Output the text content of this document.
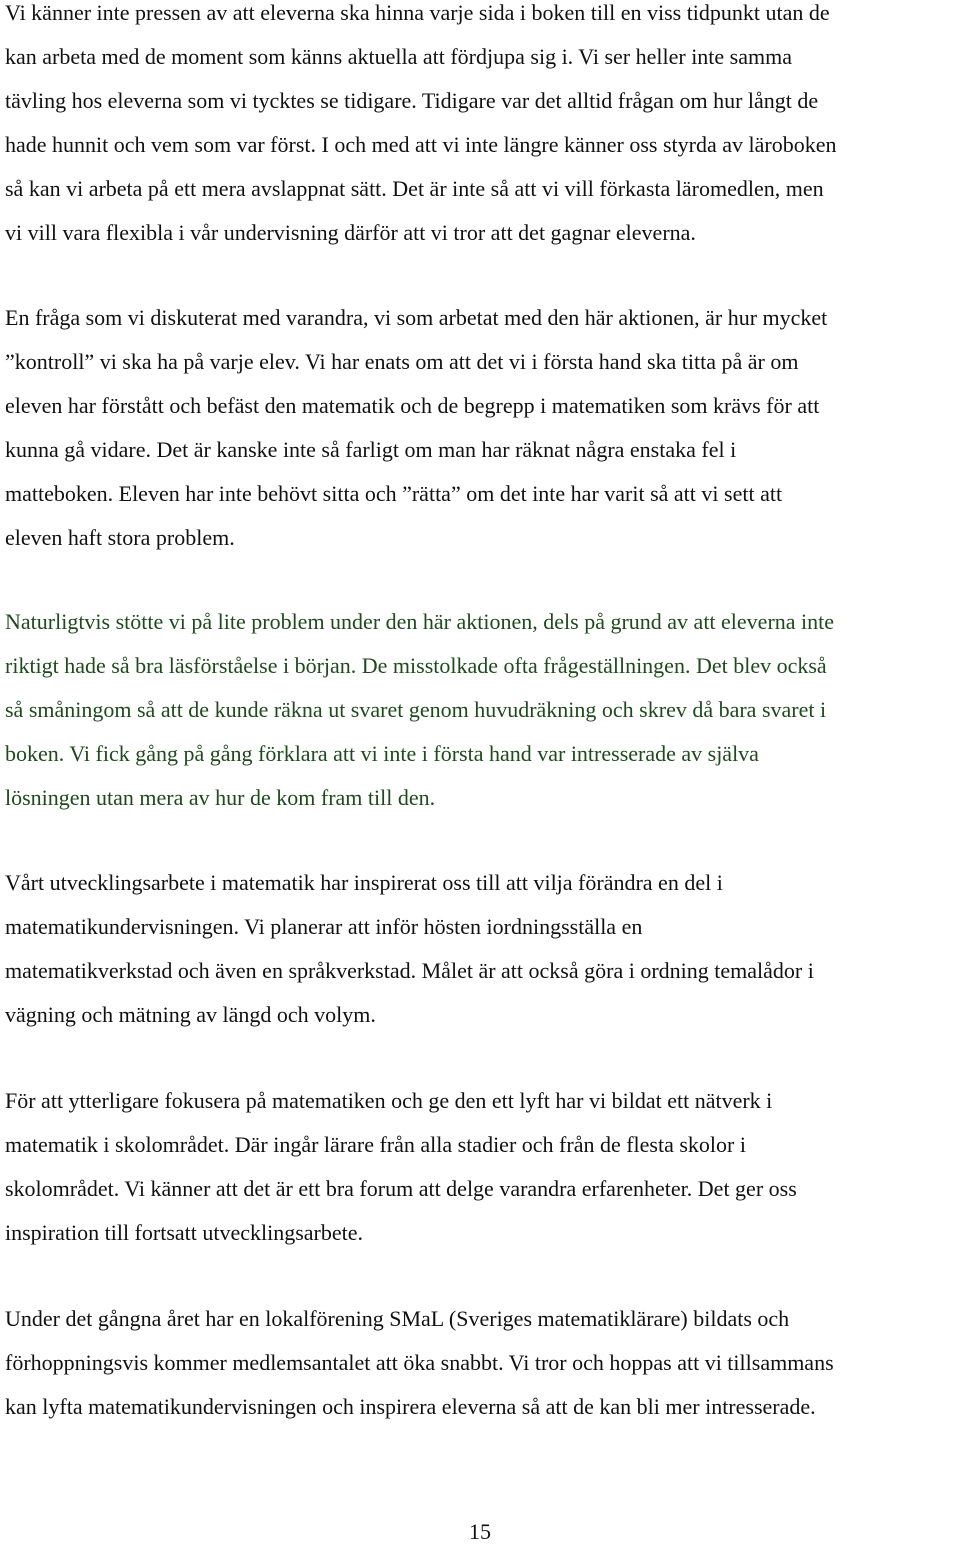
Vi känner inte pressen av att eleverna ska hinna varje sida i boken till en viss tidpunkt utan de
kan arbeta med de moment som känns aktuella att fördjupa sig i. Vi ser heller inte samma
tävling hos eleverna som vi tycktes se tidigare. Tidigare var det alltid frågan om hur långt de
hade hunnit och vem som var först. I och med att vi inte längre känner oss styrda av läroboken
så kan vi arbeta på ett mera avslappnat sätt. Det är inte så att vi vill förkasta läromedlen, men
vi vill vara flexibla i vår undervisning därför att vi tror att det gagnar eleverna.

En fråga som vi diskuterat med varandra, vi som arbetat med den här aktionen, är hur mycket
”kontroll” vi ska ha på varje elev. Vi har enats om att det vi i första hand ska titta på är om
eleven har förstått och befäst den matematik och de begrepp i matematiken som krävs för att
kunna gå vidare. Det är kanske inte så farligt om man har räknat några enstaka fel i
matteboken. Eleven har inte behövt sitta och ”rätta” om det inte har varit så att vi sett att
eleven haft stora problem.

Naturligtvis stötte vi på lite problem under den här aktionen, dels på grund av att eleverna inte
riktigt hade så bra läsförståelse i början. De misstolkade ofta frågeställningen. Det blev också
så småningom så att de kunde räkna ut svaret genom huvudräkning och skrev då bara svaret i
boken. Vi fick gång på gång förklara att vi inte i första hand var intresserade av själva
lösningen utan mera av hur de kom fram till den.

Vårt utvecklingsarbete i matematik har inspirerat oss till att vilja förändra en del i
matematikundervisningen. Vi planerar att inför hösten iordningsställa en
matematikverkstad och även en språkverkstad. Målet är att också göra i ordning temalådor i
vägning och mätning av längd och volym.

För att ytterligare fokusera på matematiken och ge den ett lyft har vi bildat ett nätverk i
matematik i skolområdet. Där ingår lärare från alla stadier och från de flesta skolor i
skolområdet. Vi känner att det är ett bra forum att delge varandra erfarenheter. Det ger oss
inspiration till fortsatt utvecklingsarbete.

Under det gångna året har en lokalförening SMaL (Sveriges matematiklärare) bildats och
förhoppningsvis kommer medlemsantalet att öka snabbt. Vi tror och hoppas att vi tillsammans
kan lyfta matematikundervisningen och inspirera eleverna så att de kan bli mer intresserade.

15
